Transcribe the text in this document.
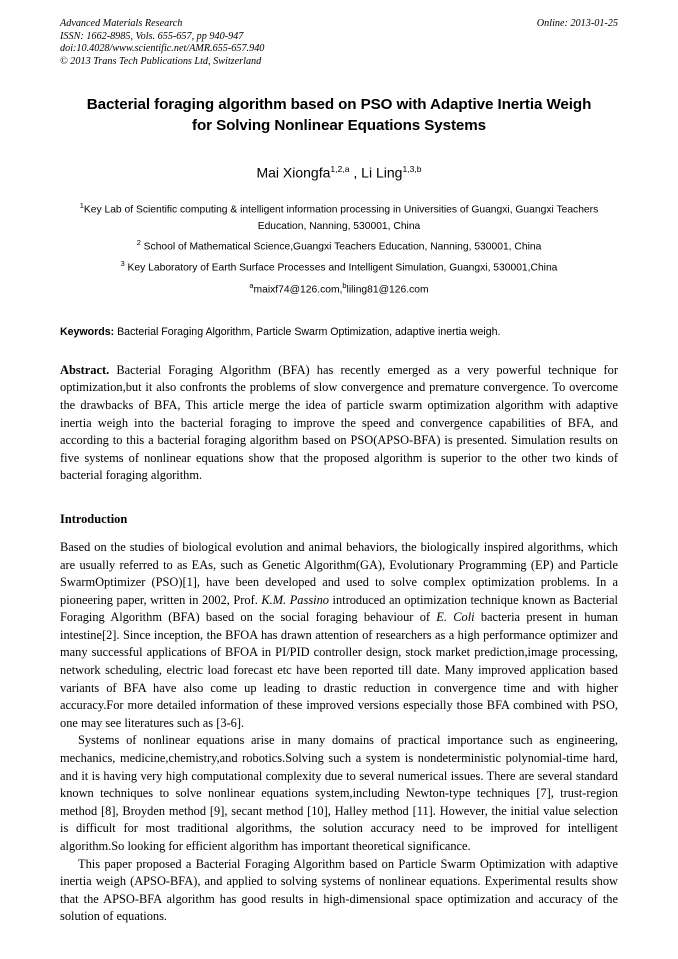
Advanced Materials Research
ISSN: 1662-8985, Vols. 655-657, pp 940-947
doi:10.4028/www.scientific.net/AMR.655-657.940
© 2013 Trans Tech Publications Ltd, Switzerland
Online: 2013-01-25
Bacterial foraging algorithm based on PSO with Adaptive Inertia Weigh
for Solving Nonlinear Equations Systems
Mai Xiongfa$^{1,2,a}$ , Li Ling$^{1,3,b}$
$^1$Key Lab of Scientific computing & intelligent information processing in Universities of Guangxi, Guangxi Teachers Education, Nanning, 530001, China
$^2$ School of Mathematical Science,Guangxi Teachers Education, Nanning, 530001, China
$^3$ Key Laboratory of Earth Surface Processes and Intelligent Simulation, Guangxi, 530001,China
$^a$maixf74@126.com,$^b$liling81@126.com
Keywords: Bacterial Foraging Algorithm, Particle Swarm Optimization, adaptive inertia weigh.
Abstract. Bacterial Foraging Algorithm (BFA) has recently emerged as a very powerful technique for optimization,but it also confronts the problems of slow convergence and premature convergence. To overcome the drawbacks of BFA, This article merge the idea of particle swarm optimization algorithm with adaptive inertia weigh into the bacterial foraging to improve the speed and convergence capabilities of BFA, and according to this a bacterial foraging algorithm based on PSO(APSO-BFA) is presented. Simulation results on five systems of nonlinear equations show that the proposed algorithm is superior to the other two kinds of bacterial foraging algorithm.
Introduction
Based on the studies of biological evolution and animal behaviors, the biologically inspired algorithms, which are usually referred to as EAs, such as Genetic Algorithm(GA), Evolutionary Programming (EP) and Particle SwarmOptimizer (PSO)[1], have been developed and used to solve complex optimization problems. In a pioneering paper, written in 2002, Prof. K.M. Passino introduced an optimization technique known as Bacterial Foraging Algorithm (BFA) based on the social foraging behaviour of E. Coli bacteria present in human intestine[2]. Since inception, the BFOA has drawn attention of researchers as a high performance optimizer and many successful applications of BFOA in PI/PID controller design, stock market prediction,image processing, network scheduling, electric load forecast etc have been reported till date. Many improved application based variants of BFA have also come up leading to drastic reduction in convergence time and with higher accuracy.For more detailed information of these improved versions especially those BFA combined with PSO, one may see literatures such as [3-6].
Systems of nonlinear equations arise in many domains of practical importance such as engineering, mechanics, medicine,chemistry,and robotics.Solving such a system is nondeterministic polynomial-time hard, and it is having very high computational complexity due to several numerical issues. There are several standard known techniques to solve nonlinear equations system,including Newton-type techniques [7], trust-region method [8], Broyden method [9], secant method [10], Halley method [11]. However, the initial value selection is difficult for most traditional algorithms, the solution accuracy need to be improved for intelligent algorithm.So looking for efficient algorithm has important theoretical significance.
This paper proposed a Bacterial Foraging Algorithm based on Particle Swarm Optimization with adaptive inertia weigh (APSO-BFA), and applied to solving systems of nonlinear equations. Experimental results show that the APSO-BFA algorithm has good results in high-dimensional space optimization and accuracy of the solution of equations.
